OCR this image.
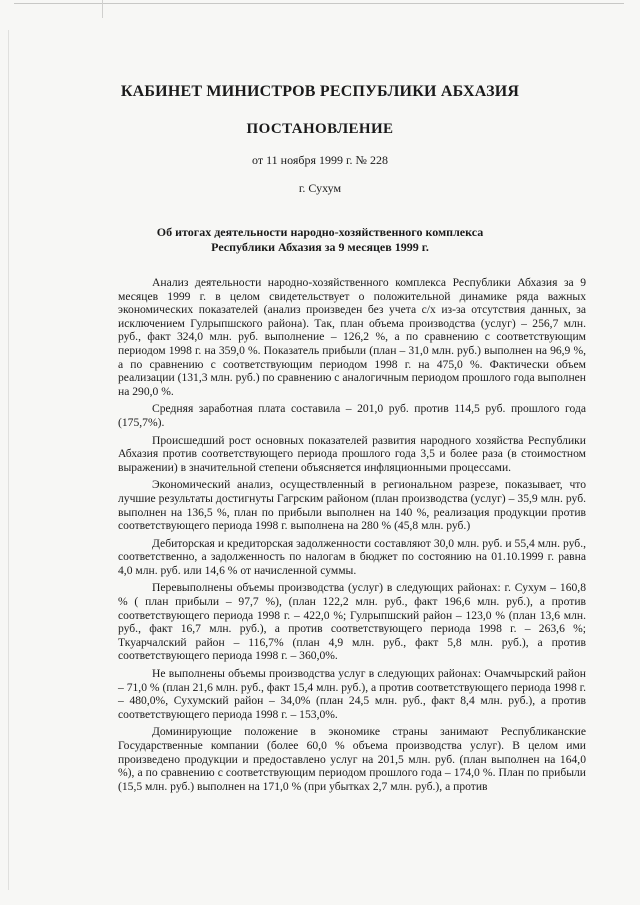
КАБИНЕТ МИНИСТРОВ РЕСПУБЛИКИ АБХАЗИЯ
ПОСТАНОВЛЕНИЕ
от 11 ноября 1999 г. № 228
г. Сухум
Об итогах деятельности народно-хозяйственного комплекса
Республики Абхазия за 9 месяцев 1999 г.

Анализ деятельности народно-хозяйственного комплекса Республики Абхазия за 9 месяцев 1999 г. в целом свидетельствует о положительной динамике ряда важных экономических показателей (анализ произведен без учета с/х из-за отсутствия данных, за исключением Гулрыпшского района). Так, план объема производства (услуг) – 256,7 млн. руб., факт 324,0 млн. руб. выполнение – 126,2 %, а по сравнению с соответствующим периодом 1998 г. на 359,0 %. Показатель прибыли (план – 31,0 млн. руб.) выполнен на 96,9 %, а по сравнению с соответствующим периодом 1998 г. на 475,0 %. Фактически объем реализации (131,3 млн. руб.) по сравнению с аналогичным периодом прошлого года выполнен на 290,0 %.

Средняя заработная плата составила – 201,0 руб. против 114,5 руб. прошлого года (175,7%).

Происшедший рост основных показателей развития народного хозяйства Республики Абхазия против соответствующего периода прошлого года 3,5 и более раза (в стоимостном выражении) в значительной степени объясняется инфляционными процессами.

Экономический анализ, осуществленный в региональном разрезе, показывает, что лучшие результаты достигнуты Гагрским районом (план производства (услуг) – 35,9 млн. руб. выполнен на 136,5 %, план по прибыли выполнен на 140 %, реализация продукции против соответствующего периода 1998 г. выполнена на 280 % (45,8 млн. руб.)

Дебиторская и кредиторская задолженности составляют 30,0 млн. руб. и 55,4 млн. руб., соответственно, а задолженность по налогам в бюджет по состоянию на 01.10.1999 г. равна 4,0 млн. руб. или 14,6 % от начисленной суммы.

Перевыполнены объемы производства (услуг) в следующих районах: г. Сухум – 160,8 % ( план прибыли – 97,7 %), (план 122,2 млн. руб., факт 196,6 млн. руб.), а против соответствующего периода 1998 г. – 422,0 %; Гулрыпшский район – 123,0 % (план 13,6 млн. руб., факт 16,7 млн. руб.), а против соответствующего периода 1998 г. – 263,6 %; Ткуарчалский район – 116,7% (план 4,9 млн. руб., факт 5,8 млн. руб.), а против соответствующего периода 1998 г. – 360,0%.

Не выполнены объемы производства услуг в следующих районах: Очамчырский район – 71,0 % (план 21,6 млн. руб., факт 15,4 млн. руб.), а против соответствующего периода 1998 г. – 480,0%, Сухумский район – 34,0% (план 24,5 млн. руб., факт 8,4 млн. руб.), а против соответствующего периода 1998 г. – 153,0%.

Доминирующие положение в экономике страны занимают Республиканские Государственные компании (более 60,0 % объема производства услуг). В целом ими произведено продукции и предоставлено услуг на 201,5 млн. руб. (план выполнен на 164,0 %), а по сравнению с соответствующим периодом прошлого года – 174,0 %. План по прибыли (15,5 млн. руб.) выполнен на 171,0 % (при убытках 2,7 млн. руб.), а против
